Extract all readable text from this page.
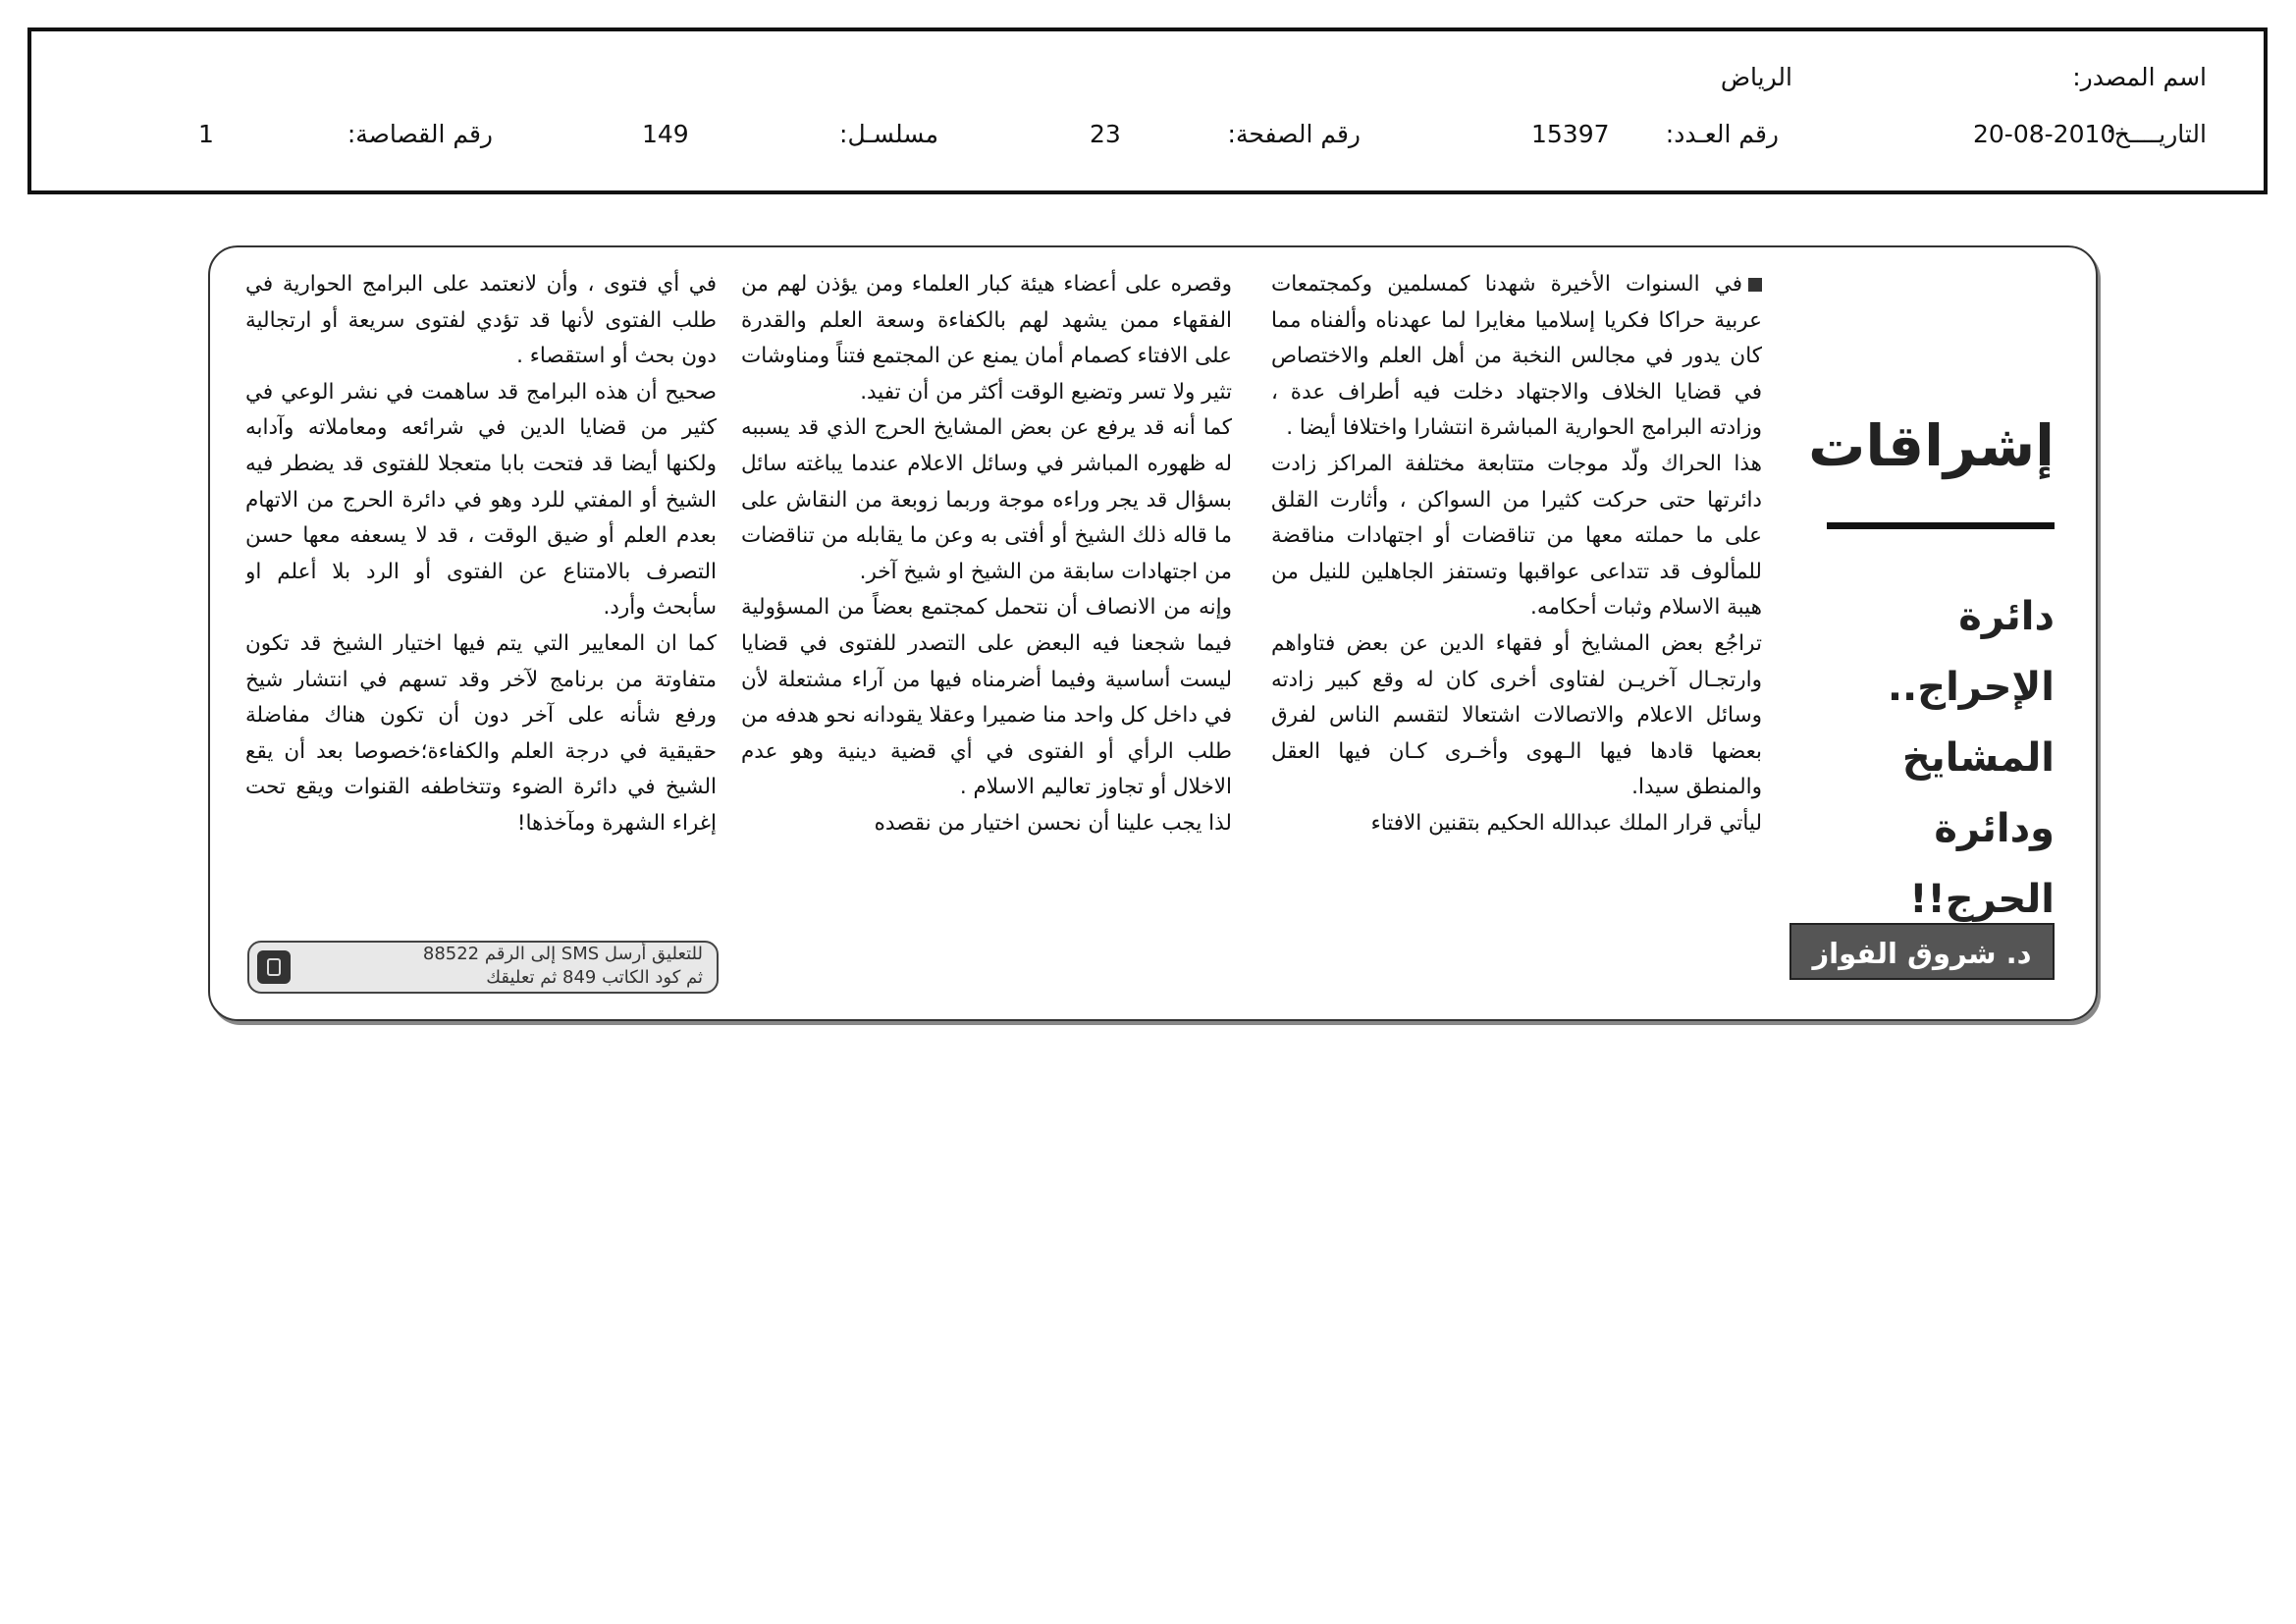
اسم المصدر:
الرياض
التاريــــخ:
20-08-2010
رقم العـدد:
15397
رقم الصفحة:
23
مسلسـل:
149
رقم القصاصة:
1
إشراقات
دائرة الإحراج..
المشايخ ودائرة
الحرج!!
د. شروق الفواز

في السنوات الأخيرة شهدنا كمسلمين وكمجتمعات عربية حراكا فكريا إسلاميا مغايرا لما عهدناه وألفناه مما كان يدور في مجالس النخبة من أهل العلم والاختصاص في قضايا الخلاف والاجتهاد دخلت فيه أطراف عدة ، وزادته البرامج الحوارية المباشرة انتشارا واختلافا أيضا .

هذا الحراك ولّد موجات متتابعة مختلفة المراكز زادت دائرتها حتى حركت كثيرا من السواكن ، وأثارت القلق على ما حملته معها من تناقضات أو اجتهادات مناقضة للمألوف قد تتداعى عواقبها وتستفز الجاهلين للنيل من هيبة الاسلام وثبات أحكامه.

تراجُع بعض المشايخ أو فقهاء الدين عن بعض فتاواهم وارتجـال آخريـن لفتاوى أخرى كان له وقع كبير زادته وسائل الاعلام والاتصالات اشتعالا لتقسم الناس لفرق بعضها قادها فيها الـهوى وأخـرى كـان فيها العقل والمنطق سيدا.

ليأتي قرار الملك عبدالله الحكيم بتقنين الافتاء

وقصره على أعضاء هيئة كبار العلماء ومن يؤذن لهم من الفقهاء ممن يشهد لهم بالكفاءة وسعة العلم والقدرة على الافتاء كصمام أمان يمنع عن المجتمع فتناً ومناوشات تثير ولا تسر وتضيع الوقت أكثر من أن تفيد.

كما أنه قد يرفع عن بعض المشايخ الحرج الذي قد يسببه له ظهوره المباشر في وسائل الاعلام عندما يباغته سائل بسؤال قد يجر وراءه موجة وربما زوبعة من النقاش على ما قاله ذلك الشيخ أو أفتى به وعن ما يقابله من تناقضات من اجتهادات سابقة من الشيخ او شيخ آخر.

وإنه من الانصاف أن نتحمل كمجتمع بعضاً من المسؤولية فيما شجعنا فيه البعض على التصدر للفتوى في قضايا ليست أساسية وفيما أضرمناه فيها من آراء مشتعلة لأن في داخل كل واحد منا ضميرا وعقلا يقودانه نحو هدفه من طلب الرأي أو الفتوى في أي قضية دينية وهو عدم الاخلال أو تجاوز تعاليم الاسلام .

لذا يجب علينا أن نحسن اختيار من نقصده

في أي فتوى ، وأن لانعتمد على البرامج الحوارية في طلب الفتوى لأنها قد تؤدي لفتوى سريعة أو ارتجالية دون بحث أو استقصاء .

صحيح أن هذه البرامج قد ساهمت في نشر الوعي في كثير من قضايا الدين في شرائعه ومعاملاته وآدابه ولكنها أيضا قد فتحت بابا متعجلا للفتوى قد يضطر فيه الشيخ أو المفتي للرد وهو في دائرة الحرج من الاتهام بعدم العلم أو ضيق الوقت ، قد لا يسعفه معها حسن التصرف بالامتناع عن الفتوى أو الرد بلا أعلم او سأبحث وأرد.

كما ان المعايير التي يتم فيها اختيار الشيخ قد تكون متفاوتة من برنامج لآخر وقد تسهم في انتشار شيخ ورفع شأنه على آخر دون أن تكون هناك مفاضلة حقيقية في درجة العلم والكفاءة؛خصوصا بعد أن يقع الشيخ في دائرة الضوء وتتخاطفه القنوات ويقع تحت إغراء الشهرة ومآخذها!

للتعليق أرسل SMS إلى الرقم 88522
ثم كود الكاتب 849 ثم تعليقك
